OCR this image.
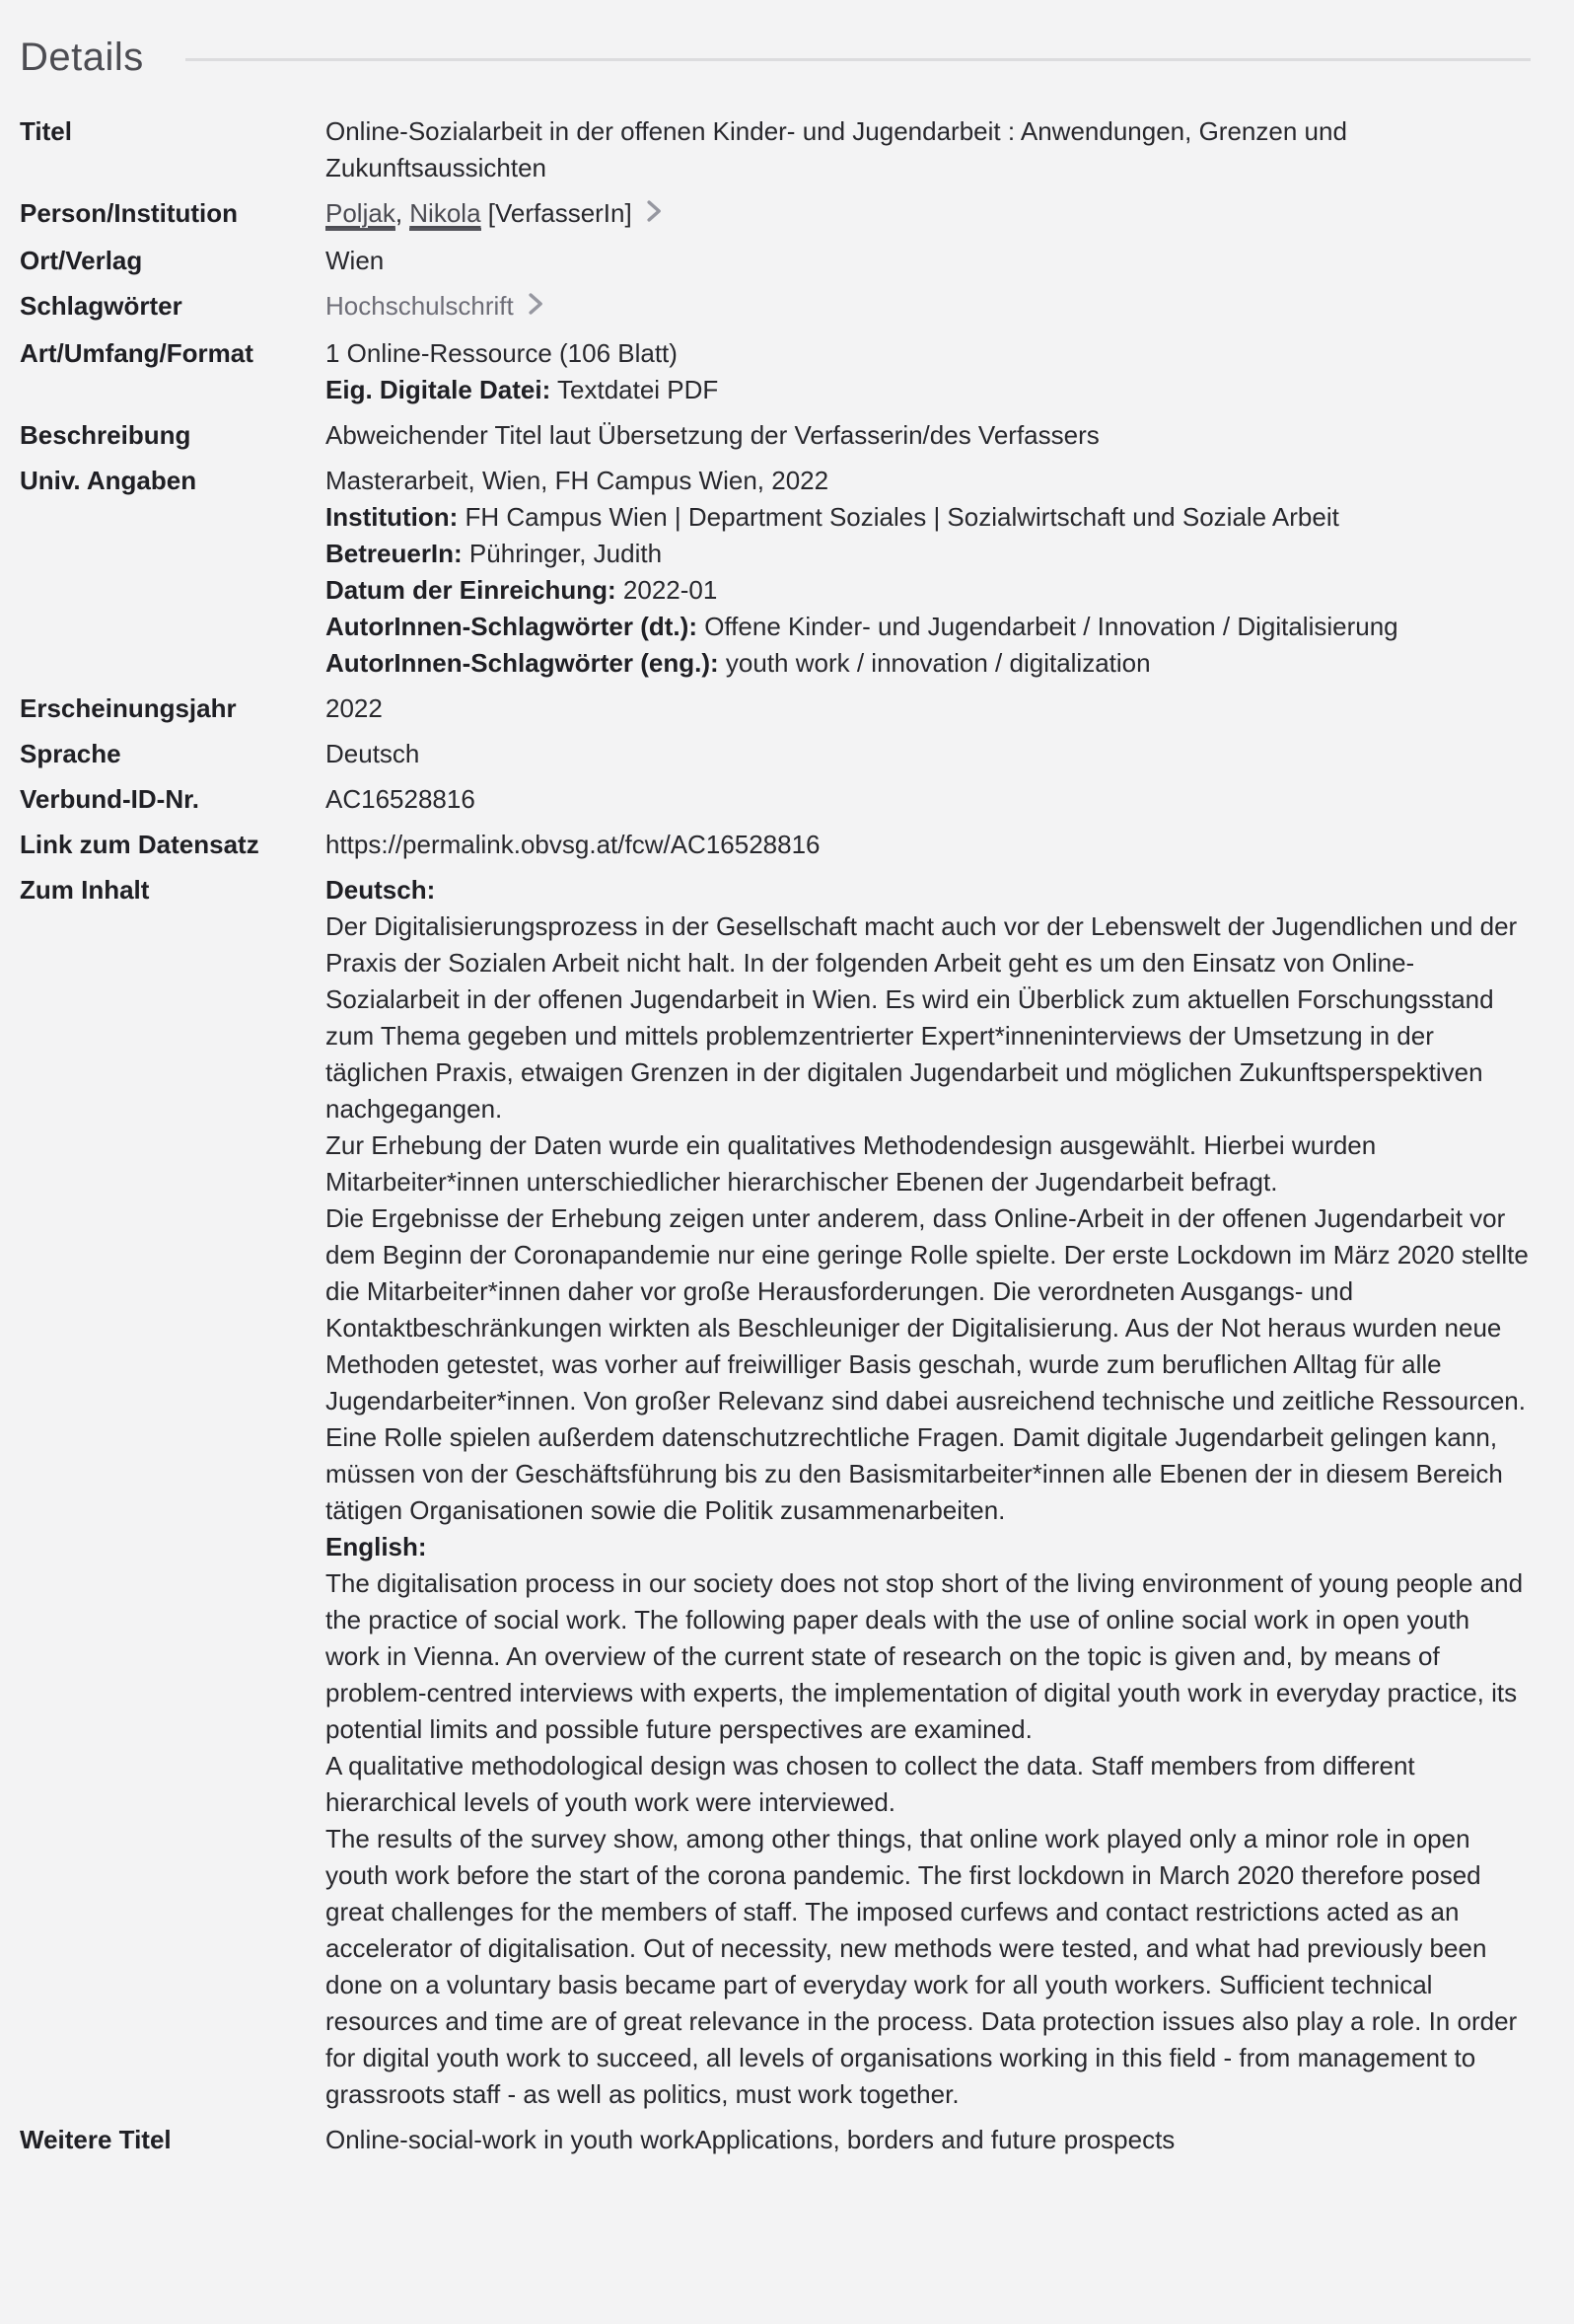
Details
Titel	Online-Sozialarbeit in der offenen Kinder- und Jugendarbeit : Anwendungen, Grenzen und Zukunftsaussichten
Person/Institution	Poljak, Nikola [VerfasserIn]
Ort/Verlag	Wien
Schlagwörter	Hochschulschrift
Art/Umfang/Format	1 Online-Ressource (106 Blatt)
Eig. Digitale Datei: Textdatei PDF
Beschreibung	Abweichender Titel laut Übersetzung der Verfasserin/des Verfassers
Univ. Angaben	Masterarbeit, Wien, FH Campus Wien, 2022
Institution: FH Campus Wien | Department Soziales | Sozialwirtschaft und Soziale Arbeit
BetreuerIn: Pühringer, Judith
Datum der Einreichung: 2022-01
AutorInnen-Schlagwörter (dt.): Offene Kinder- und Jugendarbeit / Innovation / Digitalisierung
AutorInnen-Schlagwörter (eng.): youth work / innovation / digitalization
Erscheinungsjahr	2022
Sprache	Deutsch
Verbund-ID-Nr.	AC16528816
Link zum Datensatz	https://permalink.obvsg.at/fcw/AC16528816
Zum Inhalt	Deutsch:
Der Digitalisierungsprozess in der Gesellschaft macht auch vor der Lebenswelt der Jugendlichen und der Praxis der Sozialen Arbeit nicht halt. In der folgenden Arbeit geht es um den Einsatz von Online-Sozialarbeit in der offenen Jugendarbeit in Wien. Es wird ein Überblick zum aktuellen Forschungsstand zum Thema gegeben und mittels problemzentrierter Expert*inneninterviews der Umsetzung in der täglichen Praxis, etwaigen Grenzen in der digitalen Jugendarbeit und möglichen Zukunftsperspektiven nachgegangen.
Zur Erhebung der Daten wurde ein qualitatives Methodendesign ausgewählt. Hierbei wurden Mitarbeiter*innen unterschiedlicher hierarchischer Ebenen der Jugendarbeit befragt.
Die Ergebnisse der Erhebung zeigen unter anderem, dass Online-Arbeit in der offenen Jugendarbeit vor dem Beginn der Coronapandemie nur eine geringe Rolle spielte. Der erste Lockdown im März 2020 stellte die Mitarbeiter*innen daher vor große Herausforderungen. Die verordneten Ausgangs- und Kontaktbeschränkungen wirkten als Beschleuniger der Digitalisierung. Aus der Not heraus wurden neue Methoden getestet, was vorher auf freiwilliger Basis geschah, wurde zum beruflichen Alltag für alle Jugendarbeiter*innen. Von großer Relevanz sind dabei ausreichend technische und zeitliche Ressourcen. Eine Rolle spielen außerdem datenschutzrechtliche Fragen. Damit digitale Jugendarbeit gelingen kann, müssen von der Geschäftsführung bis zu den Basismitarbeiter*innen alle Ebenen der in diesem Bereich tätigen Organisationen sowie die Politik zusammenarbeiten.
English:
The digitalisation process in our society does not stop short of the living environment of young people and the practice of social work. The following paper deals with the use of online social work in open youth work in Vienna. An overview of the current state of research on the topic is given and, by means of problem-centred interviews with experts, the implementation of digital youth work in everyday practice, its potential limits and possible future perspectives are examined.
A qualitative methodological design was chosen to collect the data. Staff members from different hierarchical levels of youth work were interviewed.
The results of the survey show, among other things, that online work played only a minor role in open youth work before the start of the corona pandemic. The first lockdown in March 2020 therefore posed great challenges for the members of staff. The imposed curfews and contact restrictions acted as an accelerator of digitalisation. Out of necessity, new methods were tested, and what had previously been done on a voluntary basis became part of everyday work for all youth workers. Sufficient technical resources and time are of great relevance in the process. Data protection issues also play a role. In order for digital youth work to succeed, all levels of organisations working in this field - from management to grassroots staff - as well as politics, must work together.
Weitere Titel	Online-social-work in youth workApplications, borders and future prospects
